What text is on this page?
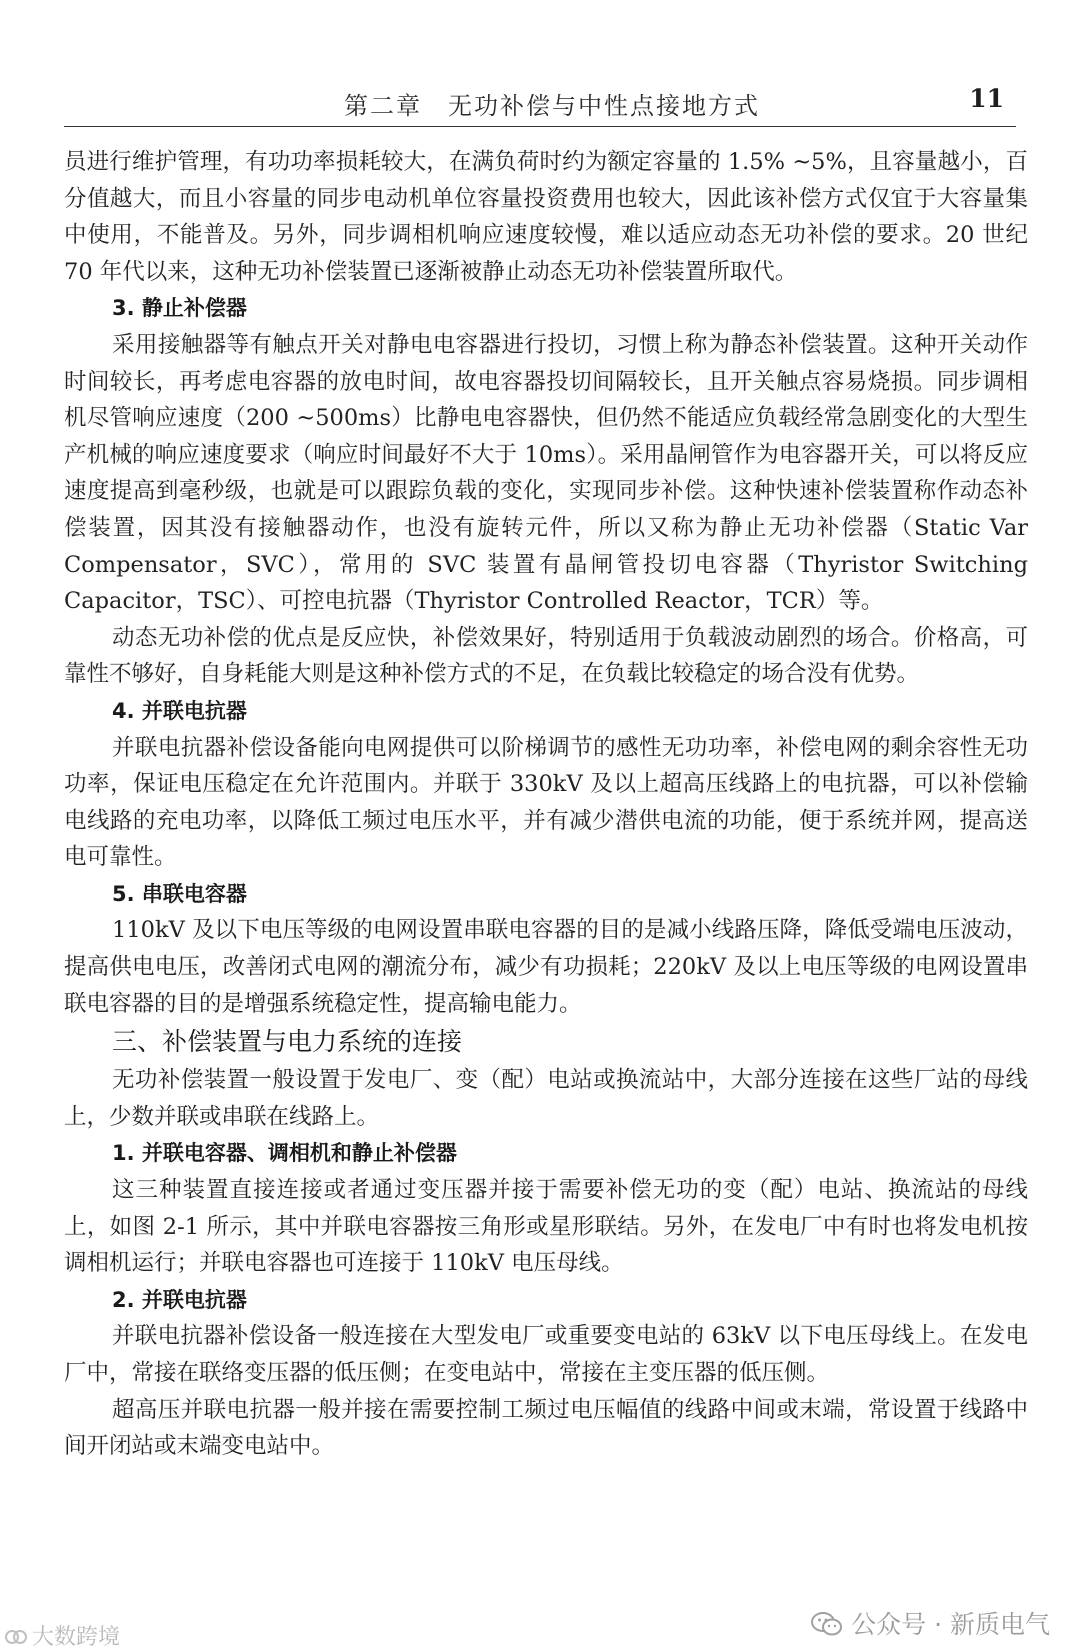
第二章　无功补偿与中性点接地方式	11

员进行维护管理，有功功率损耗较大，在满负荷时约为额定容量的 1.5% ~5%，且容量越小，百分值越大，而且小容量的同步电动机单位容量投资费用也较大，因此该补偿方式仅宜于大容量集中使用，不能普及。另外，同步调相机响应速度较慢，难以适应动态无功补偿的要求。20 世纪 70 年代以来，这种无功补偿装置已逐渐被静止动态无功补偿装置所取代。

3. 静止补偿器

采用接触器等有触点开关对静电电容器进行投切，习惯上称为静态补偿装置。这种开关动作时间较长，再考虑电容器的放电时间，故电容器投切间隔较长，且开关触点容易烧损。同步调相机尽管响应速度（200 ~500ms）比静电电容器快，但仍然不能适应负载经常急剧变化的大型生产机械的响应速度要求（响应时间最好不大于 10ms）。采用晶闸管作为电容器开关，可以将反应速度提高到毫秒级，也就是可以跟踪负载的变化，实现同步补偿。这种快速补偿装置称作动态补偿装置，因其没有接触器动作，也没有旋转元件，所以又称为静止无功补偿器（Static Var Compensator，SVC），常用的 SVC 装置有晶闸管投切电容器（Thyristor Switching Capacitor，TSC）、可控电抗器（Thyristor Controlled Reactor，TCR）等。

动态无功补偿的优点是反应快，补偿效果好，特别适用于负载波动剧烈的场合。价格高，可靠性不够好，自身耗能大则是这种补偿方式的不足，在负载比较稳定的场合没有优势。

4. 并联电抗器

并联电抗器补偿设备能向电网提供可以阶梯调节的感性无功功率，补偿电网的剩余容性无功功率，保证电压稳定在允许范围内。并联于 330kV 及以上超高压线路上的电抗器，可以补偿输电线路的充电功率，以降低工频过电压水平，并有减少潜供电流的功能，便于系统并网，提高送电可靠性。

5. 串联电容器

110kV 及以下电压等级的电网设置串联电容器的目的是减小线路压降，降低受端电压波动，提高供电电压，改善闭式电网的潮流分布，减少有功损耗；220kV 及以上电压等级的电网设置串联电容器的目的是增强系统稳定性，提高输电能力。

三、补偿装置与电力系统的连接

无功补偿装置一般设置于发电厂、变（配）电站或换流站中，大部分连接在这些厂站的母线上，少数并联或串联在线路上。

1. 并联电容器、调相机和静止补偿器

这三种装置直接连接或者通过变压器并接于需要补偿无功的变（配）电站、换流站的母线上，如图 2-1 所示，其中并联电容器按三角形或星形联结。另外，在发电厂中有时也将发电机按调相机运行；并联电容器也可连接于 110kV 电压母线。

2. 并联电抗器

并联电抗器补偿设备一般连接在大型发电厂或重要变电站的 63kV 以下电压母线上。在发电厂中，常接在联络变压器的低压侧；在变电站中，常接在主变压器的低压侧。

超高压并联电抗器一般并接在需要控制工频过电压幅值的线路中间或末端，常设置于线路中间开闭站或末端变电站中。

公众号 · 新质电气
大数跨境
